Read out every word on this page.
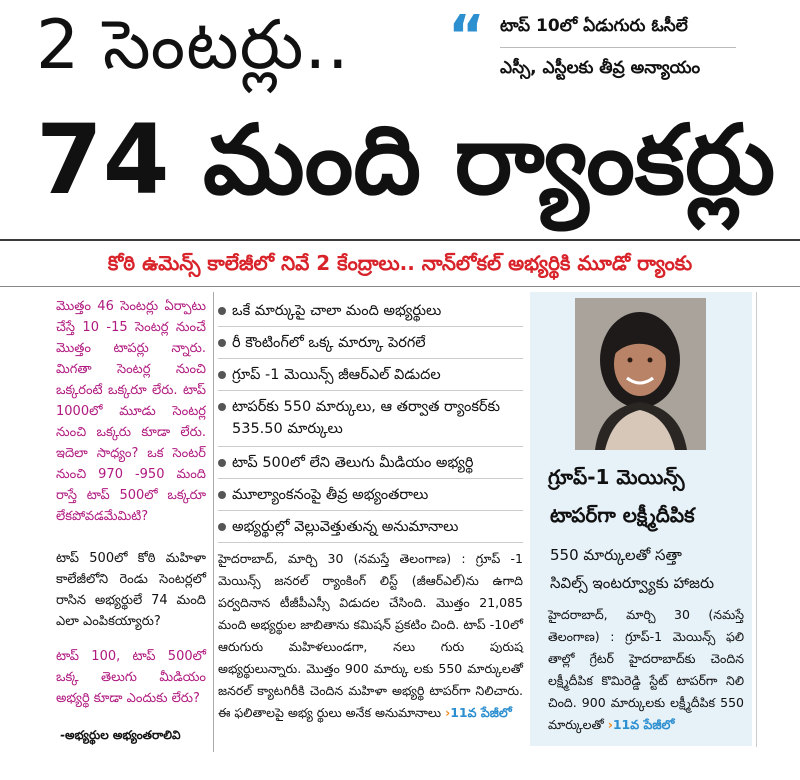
2 సెంటర్లు.. “ టాప్ 10లో ఏడుగురు ఓసీలే
ఎస్సీ, ఎస్టీలకు తీవ్ర అన్యాయం
74 మంది ర్యాంకర్లు
కోఠి ఉమెన్స్ కాలేజీలో నివే 2 కేంద్రాలు.. నాన్‌లోకల్ అభ్యర్థికి మూడో ర్యాంకు
మొత్తం 46 సెంటర్లు ఏర్పాటు చేస్తే 10 -15 సెంటర్ల నుంచే మొత్తం టాపర్లు న్నారు. మిగతా సెంటర్ల నుంచి ఒక్కరంటే ఒక్కరూ లేరు. టాప్ 1000లో మూడు సెంటర్ల నుంచి ఒక్కరు కూడా లేరు. ఇదెలా సాధ్యం? ఒక సెంటర్ నుంచి 970 -950 మంది రాస్తే టాప్ 500లో ఒక్కరూ లేకపోవడమేమిటి?
టాప్ 500లో కోఠి మహిళా కాలేజీలోని రెండు సెంటర్లలో రాసిన అభ్యర్థులే 74 మంది ఎలా ఎంపికయ్యారు?
టాప్ 100, టాప్ 500లో ఒక్క తెలుగు మీడియం అభ్యర్థి కూడా ఎందుకు లేరు?
-అభ్యర్థుల అభ్యంతరాలివి
ఒకే మార్కుపై చాలా మంది అభ్యర్థులు
రీ కౌంటింగ్‌లో ఒక్క మార్కూ పెరగలే
గ్రూప్ -1 మెయిన్స్ జీఆర్‌ఎల్ విడుదల
టాపర్‌కు 550 మార్కులు, ఆ తర్వాత ర్యాంకర్‌కు 535.50 మార్కులు
టాప్ 500లో లేని తెలుగు మీడియం అభ్యర్థి
మూల్యాంకనంపై తీవ్ర అభ్యంతరాలు
అభ్యర్థుల్లో వెల్లువెత్తుతున్న అనుమానాలు
హైదరాబాద్, మార్చి 30 (నమస్తే తెలంగాణ) : గ్రూప్ -1 మెయిన్స్ జనరల్ ర్యాంకింగ్ లిస్ట్ (జీఆర్‌ఎల్)ను ఉగాది పర్వదినాన టీజీపీఎస్సీ విడుదల చేసింది. మొత్తం 21,085 మంది అభ్యర్థుల జాబితాను కమిషన్ ప్రకటిం చింది. టాప్ -10లో ఆరుగురు మహిళలుండగా, నలు గురు పురుష అభ్యర్థులున్నారు. మొత్తం 900 మార్కు లకు 550 మార్కులతో జనరల్ క్యాటగిరీకి చెందిన మహిళా అభ్యర్థి టాపర్‌గా నిలిచారు. ఈ ఫలితాలపై అభ్య ర్థులు అనేక అనుమానాలు ›11వ పేజీలో
గ్రూప్-1 మెయిన్స్
టాపర్‌గా లక్ష్మీదీపిక
550 మార్కులతో సత్తా
సివిల్స్ ఇంటర్వ్యూకు హాజరు
హైదరాబాద్, మార్చి 30 (నమస్తే తెలంగాణ) : గ్రూప్-1 మెయిన్స్ ఫలి తాల్లో గ్రేటర్ హైదరాబాద్‌కు చెందిన లక్ష్మీదీపిక కొమిరెడ్డి స్టేట్ టాపర్‌గా నిలి చింది. 900 మార్కులకు లక్ష్మీదీపిక 550 మార్కులతో ›11వ పేజీలో
